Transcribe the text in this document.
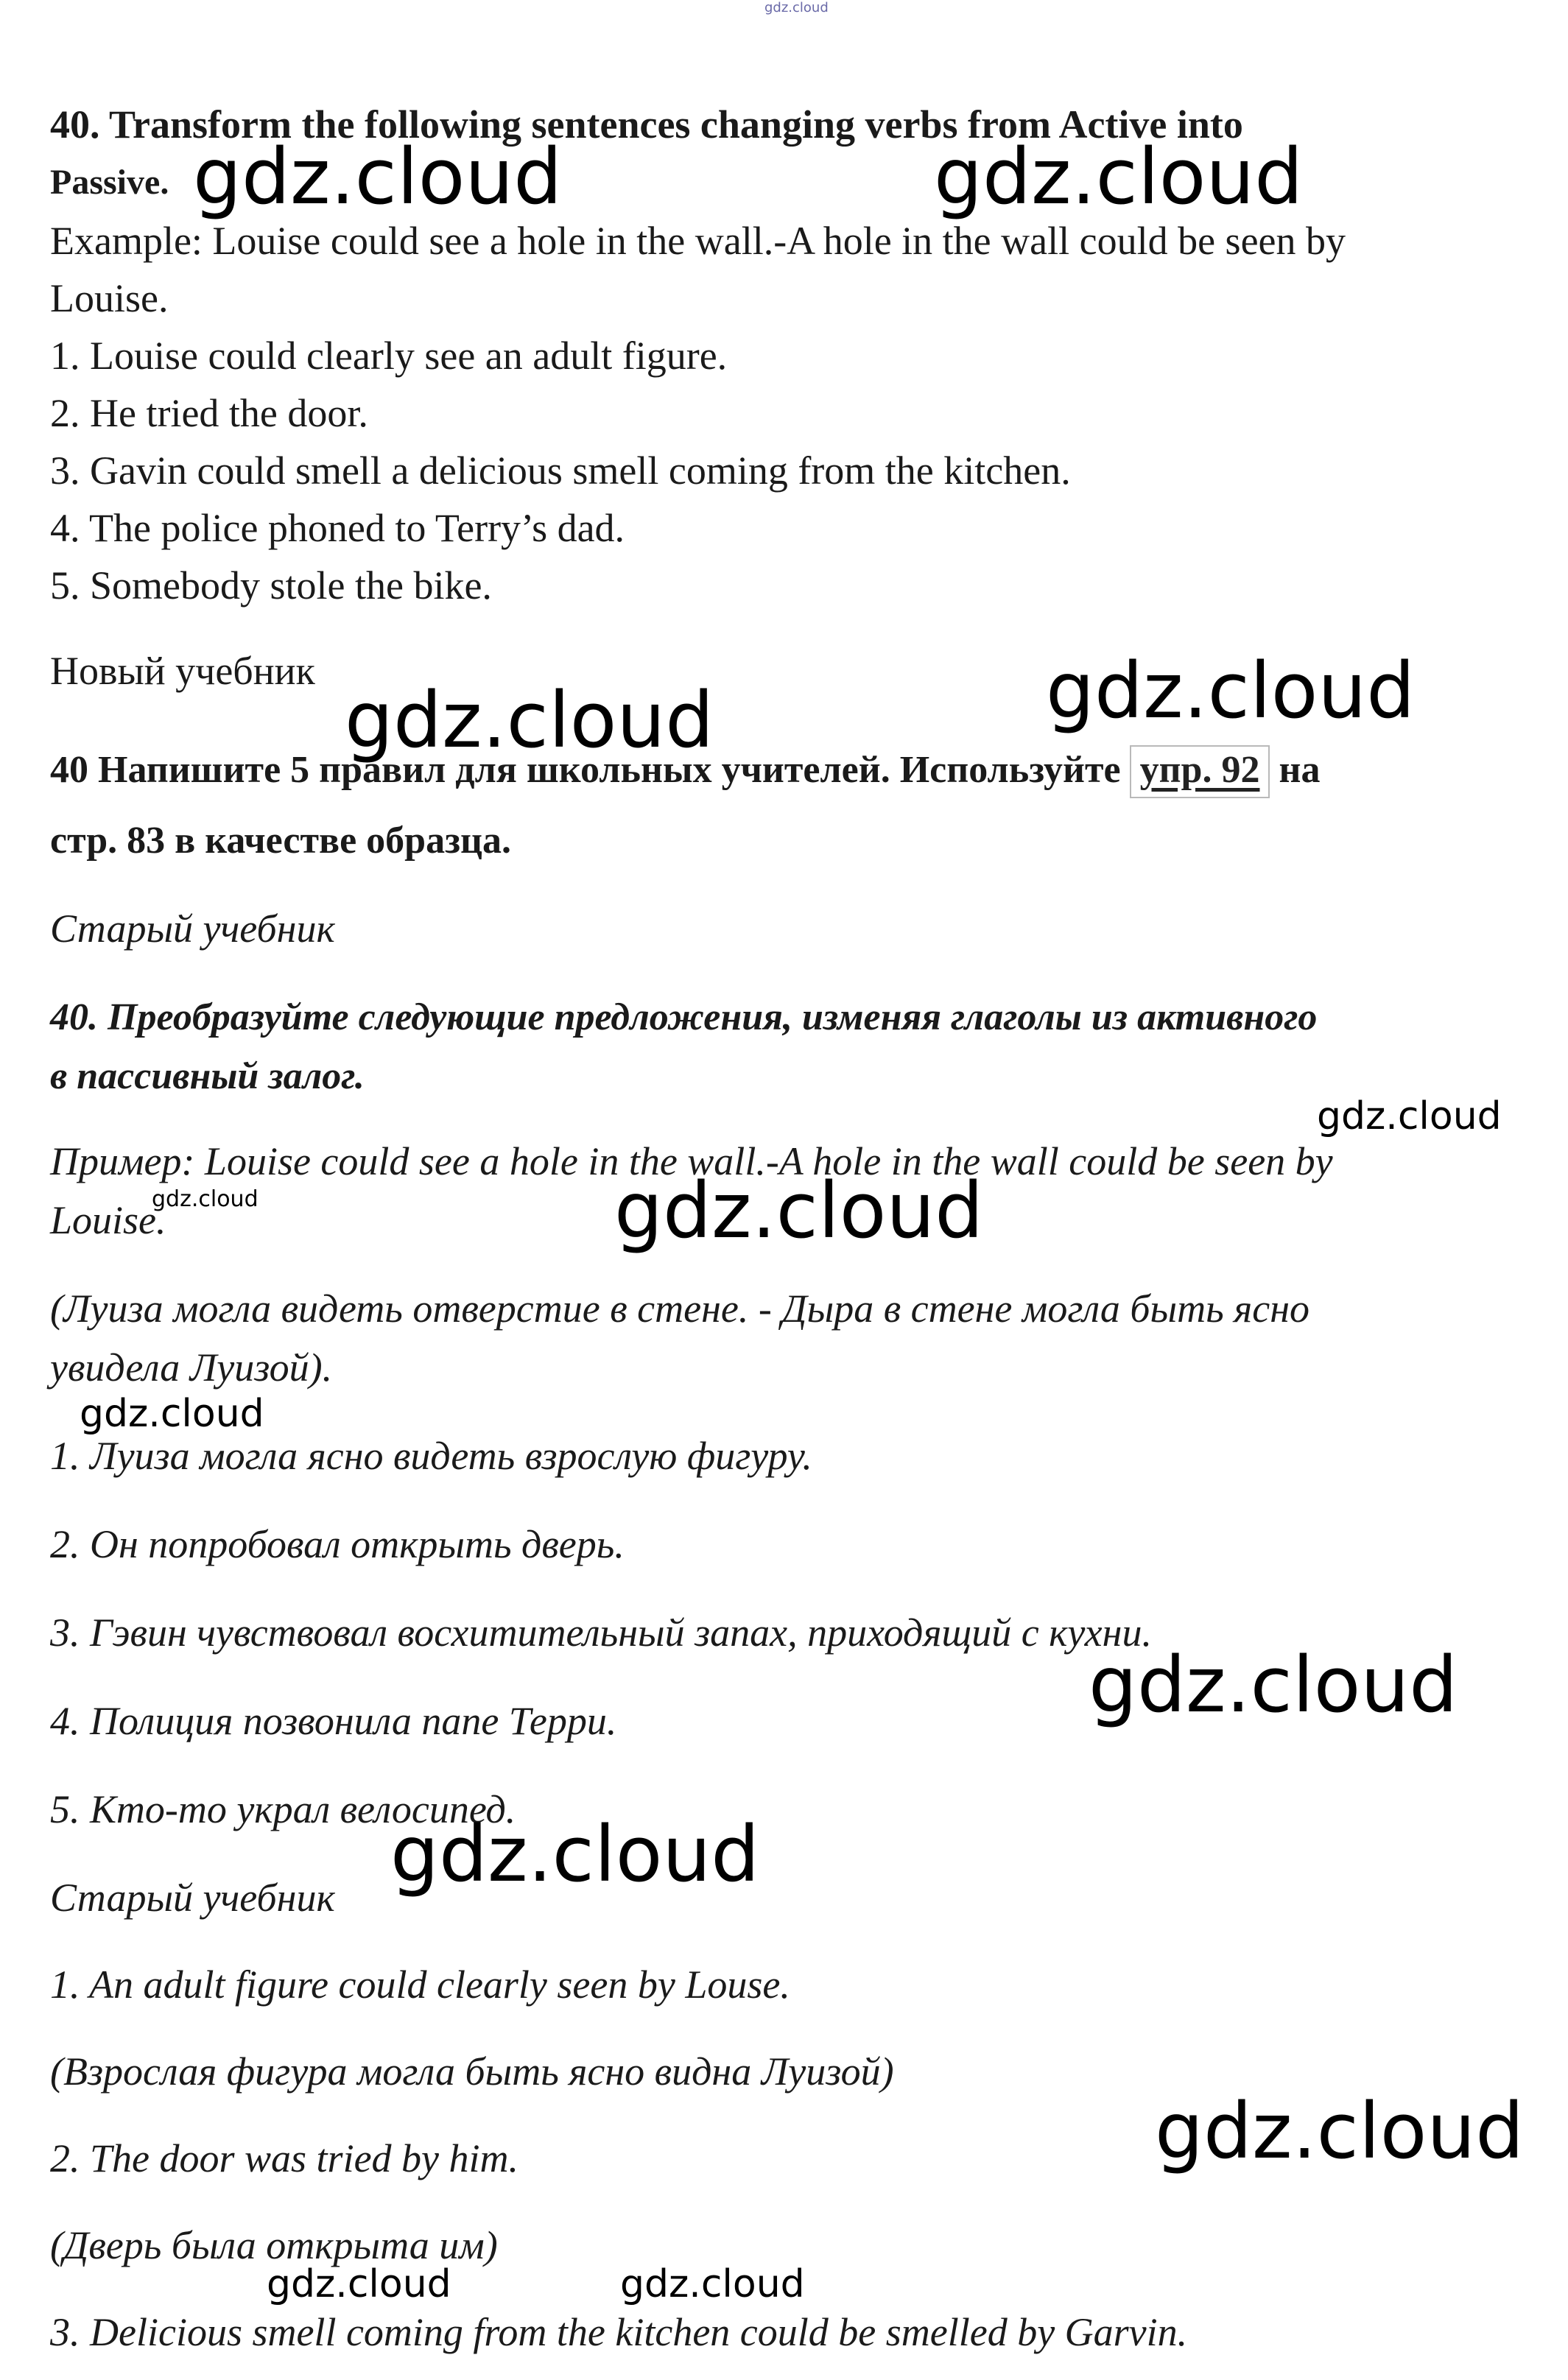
gdz.cloud
40. Transform the following sentences changing verbs from Active into
Passive.
Example: Louise could see a hole in the wall.-A hole in the wall could be seen by
Louise.
1. Louise could clearly see an adult figure.
2. He tried the door.
3. Gavin could smell a delicious smell coming from the kitchen.
4. The police phoned to Terry’s dad.
5. Somebody stole the bike.
Новый учебник
40 Напишите 5 правил для школьных учителей. Используйте упр. 92 на
стр. 83 в качестве образца.
Старый учебник
40. Преобразуйте следующие предложения, изменяя глаголы из активного
в пассивный залог.
Пример: Louise could see a hole in the wall.-A hole in the wall could be seen by
Louise.
(Луиза могла видеть отверстие в стене. - Дыра в стене могла быть ясно
увидела Луизой).
1. Луиза могла ясно видеть взрослую фигуру.
2. Он попробовал открыть дверь.
3. Гэвин чувствовал восхитительный запах, приходящий с кухни.
4. Полиция позвонила папе Терри.
5. Кто-то украл велосипед.
Старый учебник
1. An adult figure could clearly seen by Louse.
(Взрослая фигура могла быть ясно видна Луизой)
2. The door was tried by him.
(Дверь была открыта им)
3. Delicious smell coming from the kitchen could be smelled by Garvin.
gdz.cloud	gdz.cloud
gdz.cloud
gdz.cloud
gdz.cloud
gdz.cloud	gdz.cloud
gdz.cloud
gdz.cloud
gdz.cloud
gdz.cloud
gdz.cloud	gdz.cloud
